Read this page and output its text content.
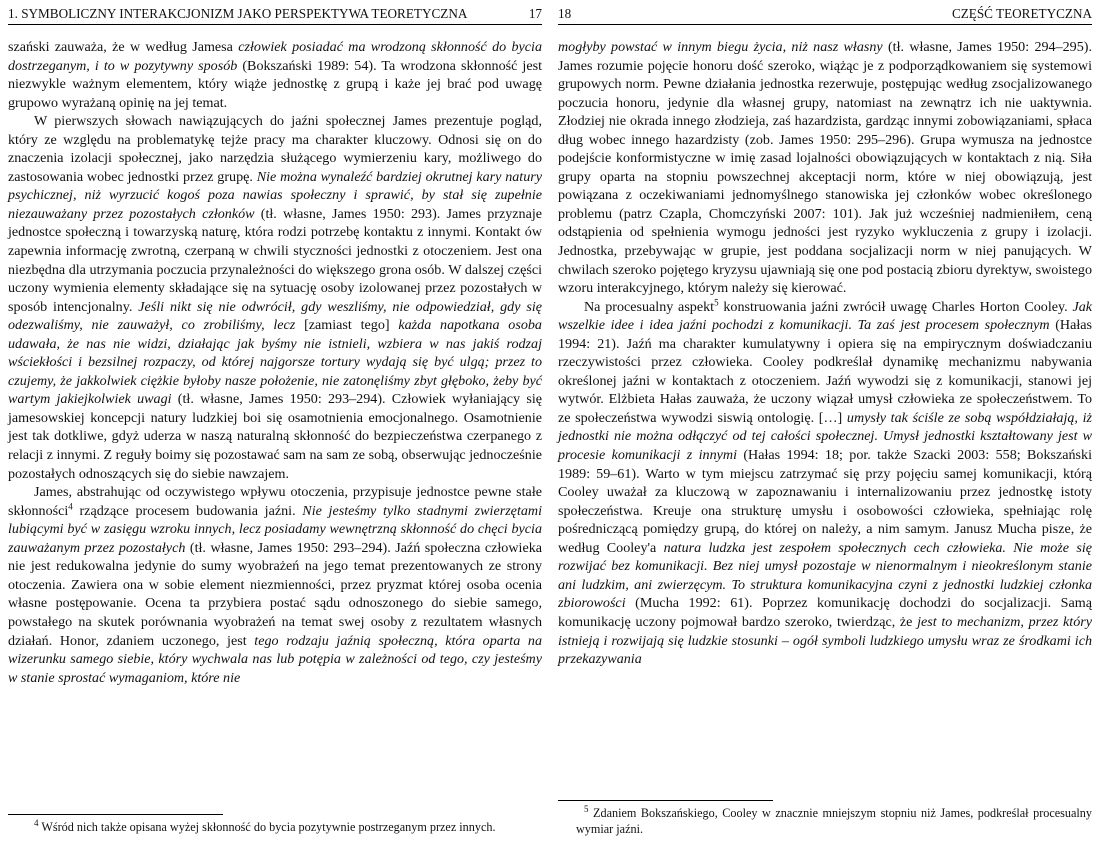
1. SYMBOLICZNY INTERAKCJONIZM JAKO PERSPEKTYWA TEORETYCZNA	17

szański zauważa, że w według Jamesa człowiek posiadać ma wrodzoną skłonność do bycia dostrzeganym, i to w pozytywny sposób (Bokszański 1989: 54). Ta wrodzona skłonność jest niezwykle ważnym elementem, który wiąże jednostkę z grupą i każe jej brać pod uwagę grupowo wyrażaną opinię na jej temat.

W pierwszych słowach nawiązujących do jaźni społecznej James prezentuje pogląd, który ze względu na problematykę tejże pracy ma charakter kluczowy. Odnosi się on do znaczenia izolacji społecznej, jako narzędzia służącego wymierzeniu kary, możliwego do zastosowania wobec jednostki przez grupę. Nie można wynaleźć bardziej okrutnej kary natury psychicznej, niż wyrzucić kogoś poza nawias społeczny i sprawić, by stał się zupełnie niezauważany przez pozostałych członków (tł. własne, James 1950: 293). James przyznaje jednostce społeczną i towarzyską naturę, która rodzi potrzebę kontaktu z innymi. Kontakt ów zapewnia informację zwrotną, czerpaną w chwili styczności jednostki z otoczeniem. Jest ona niezbędna dla utrzymania poczucia przynależności do większego grona osób. W dalszej części uczony wymienia elementy składające się na sytuację osoby izolowanej przez pozostałych w sposób intencjonalny. Jeśli nikt się nie odwrócił, gdy weszliśmy, nie odpowiedział, gdy się odezwaliśmy, nie zauważył, co zrobiliśmy, lecz [zamiast tego] każda napotkana osoba udawała, że nas nie widzi, działając jak byśmy nie istnieli, wzbiera w nas jakiś rodzaj wściekłości i bezsilnej rozpaczy, od której najgorsze tortury wydają się być ulgą; przez to czujemy, że jakkolwiek ciężkie byłoby nasze położenie, nie zatonęliśmy zbyt głęboko, żeby być wartym jakiejkolwiek uwagi (tł. własne, James 1950: 293–294). Człowiek wyłaniający się jamesowskiej koncepcji natury ludzkiej boi się osamotnienia emocjonalnego. Osamotnienie jest tak dotkliwe, gdyż uderza w naszą naturalną skłonność do bezpieczeństwa czerpanego z relacji z innymi. Z reguły boimy się pozostawać sam na sam ze sobą, obserwując jednocześnie pozostałych odnoszących się do siebie nawzajem.

James, abstrahując od oczywistego wpływu otoczenia, przypisuje jednostce pewne stałe skłonności$^4$ rządzące procesem budowania jaźni. Nie jesteśmy tylko stadnymi zwierzętami lubiącymi być w zasięgu wzroku innych, lecz posiadamy wewnętrzną skłonność do chęci bycia zauważanym przez pozostałych (tł. własne, James 1950: 293–294). Jaźń społeczna człowieka nie jest redukowalna jedynie do sumy wyobrażeń na jego temat prezentowanych ze strony otoczenia. Zawiera ona w sobie element niezmienności, przez pryzmat której osoba ocenia własne postępowanie. Ocena ta przybiera postać sądu odnoszonego do siebie samego, powstałego na skutek porównania wyobrażeń na temat swej osoby z rezultatem własnych działań. Honor, zdaniem uczonego, jest tego rodzaju jaźnią społeczną, która oparta na wizerunku samego siebie, który wychwala nas lub potępia w zależności od tego, czy jesteśmy w stanie sprostać wymaganiom, które nie

$^4$ Wśród nich także opisana wyżej skłonność do bycia pozytywnie postrzeganym przez innych.
18	CZĘŚĆ TEORETYCZNA

mogłyby powstać w innym biegu życia, niż nasz własny (tł. własne, James 1950: 294–295). James rozumie pojęcie honoru dość szeroko, wiążąc je z podporządkowaniem się systemowi grupowych norm. Pewne działania jednostka rezerwuje, postępując według zsocjalizowanego poczucia honoru, jedynie dla własnej grupy, natomiast na zewnątrz ich nie uaktywnia. Złodziej nie okrada innego złodzieja, zaś hazardzista, gardząc innymi zobowiązaniami, spłaca dług wobec innego hazardzisty (zob. James 1950: 295–296). Grupa wymusza na jednostce podejście konformistyczne w imię zasad lojalności obowiązujących w kontaktach z nią. Siła grupy oparta na stopniu powszechnej akceptacji norm, które w niej obowiązują, jest powiązana z oczekiwaniami jednomyślnego stanowiska jej członków wobec określonego problemu (patrz Czapla, Chomczyński 2007: 101). Jak już wcześniej nadmieniłem, ceną odstąpienia od spełnienia wymogu jedności jest ryzyko wykluczenia z grupy i izolacji. Jednostka, przebywając w grupie, jest poddana socjalizacji norm w niej panujących. W chwilach szeroko pojętego kryzysu ujawniają się one pod postacią zbioru dyrektyw, swoistego wzoru interakcyjnego, którym należy się kierować.

Na procesualny aspekt$^5$ konstruowania jaźni zwrócił uwagę Charles Horton Cooley. Jak wszelkie idee i idea jaźni pochodzi z komunikacji. Ta zaś jest procesem społecznym (Hałas 1994: 21). Jaźń ma charakter kumulatywny i opiera się na empirycznym doświadczaniu rzeczywistości przez człowieka. Cooley podkreślał dynamikę mechanizmu nabywania określonej jaźni w kontaktach z otoczeniem. Jaźń wywodzi się z komunikacji, stanowi jej wytwór. Elżbieta Hałas zauważa, że uczony wiązał umysł człowieka ze społeczeństwem. To ze społeczeństwa wywodzi siswią ontologię. […] umysły tak ściśle ze sobą współdziałają, iż jednostki nie można odłączyć od tej całości społecznej. Umysł jednostki kształtowany jest w procesie komunikacji z innymi (Hałas 1994: 18; por. także Szacki 2003: 558; Bokszański 1989: 59–61). Warto w tym miejscu zatrzymać się przy pojęciu samej komunikacji, którą Cooley uważał za kluczową w zapoznawaniu i internalizowaniu przez jednostkę istoty społeczeństwa. Kreuje ona strukturę umysłu i osobowości człowieka, spełniając rolę pośredniczącą pomiędzy grupą, do której on należy, a nim samym. Janusz Mucha pisze, że według Cooley'a natura ludzka jest zespołem społecznych cech człowieka. Nie może się rozwijać bez komunikacji. Bez niej umysł pozostaje w nienormalnym i nieokreślonym stanie ani ludzkim, ani zwierzęcym. To struktura komunikacyjna czyni z jednostki ludzkiej członka zbiorowości (Mucha 1992: 61). Poprzez komunikację dochodzi do socjalizacji. Samą komunikację uczony pojmował bardzo szeroko, twierdząc, że jest to mechanizm, przez który istnieją i rozwijają się ludzkie stosunki – ogół symboli ludzkiego umysłu wraz ze środkami ich przekazywania

$^5$ Zdaniem Bokszańskiego, Cooley w znacznie mniejszym stopniu niż James, podkreślał procesualny wymiar jaźni.
